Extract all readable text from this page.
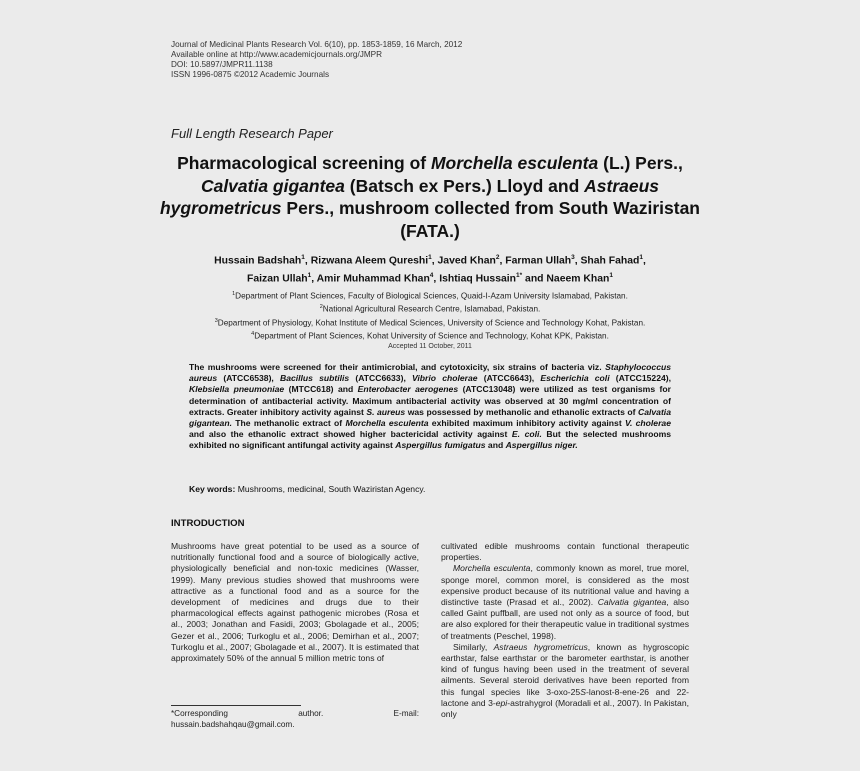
Journal of Medicinal Plants Research Vol. 6(10), pp. 1853-1859, 16 March, 2012
Available online at http://www.academicjournals.org/JMPR
DOI: 10.5897/JMPR11.1138
ISSN 1996-0875 ©2012 Academic Journals
Full Length Research Paper
Pharmacological screening of Morchella esculenta (L.) Pers., Calvatia gigantea (Batsch ex Pers.) Lloyd and Astraeus hygrometricus Pers., mushroom collected from South Waziristan (FATA.)
Hussain Badshah$^1$, Rizwana Aleem Qureshi$^1$, Javed Khan$^2$, Farman Ullah$^3$, Shah Fahad$^1$,
Faizan Ullah$^1$, Amir Muhammad Khan$^4$, Ishtiaq Hussain$^{1*}$ and Naeem Khan$^1$
$^1$Department of Plant Sciences, Faculty of Biological Sciences, Quaid-I-Azam University Islamabad, Pakistan.
$^2$National Agricultural Research Centre, Islamabad, Pakistan.
$^3$Department of Physiology, Kohat Institute of Medical Sciences, University of Science and Technology Kohat, Pakistan.
$^4$Department of Plant Sciences, Kohat University of Science and Technology, Kohat KPK, Pakistan.
Accepted 11 October, 2011
The mushrooms were screened for their antimicrobial, and cytotoxicity, six strains of bacteria viz. Staphylococcus aureus (ATCC6538), Bacillus subtilis (ATCC6633), Vibrio cholerae (ATCC6643), Escherichia coli (ATCC15224), Klebsiella pneumoniae (MTCC618) and Enterobacter aerogenes (ATCC13048) were utilized as test organisms for determination of antibacterial activity. Maximum antibacterial activity was observed at 30 mg/ml concentration of extracts. Greater inhibitory activity against S. aureus was possessed by methanolic and ethanolic extracts of Calvatia gigantean. The methanolic extract of Morchella esculenta exhibited maximum inhibitory activity against V. cholerae and also the ethanolic extract showed higher bactericidal activity against E. coli. But the selected mushrooms exhibited no significant antifungal activity against Aspergillus fumigatus and Aspergillus niger.
Key words: Mushrooms, medicinal, South Waziristan Agency.
INTRODUCTION

Mushrooms have great potential to be used as a source of nutritionally functional food and a source of biologically active, physiologically beneficial and non-toxic medicines (Wasser, 1999). Many previous studies showed that mushrooms were attractive as a functional food and as a source for the development of medicines and drugs due to their pharmacological effects against pathogenic microbes (Rosa et al., 2003; Jonathan and Fasidi, 2003; Gbolagade et al., 2005; Gezer et al., 2006; Turkoglu et al., 2006; Demirhan et al., 2007; Turkoglu et al., 2007; Gbolagade et al., 2007). It is estimated that approximately 50% of the annual 5 million metric tons of

cultivated edible mushrooms contain functional therapeutic properties.

Morchella esculenta, commonly known as morel, true morel, sponge morel, common morel, is considered as the most expensive product because of its nutritional value and having a distinctive taste (Prasad et al., 2002). Calvatia gigantea, also called Gaint puffball, are used not only as a source of food, but are also explored for their therapeutic value in traditional systmes of treatments (Peschel, 1998).

Similarly, Astraeus hygrometricus, known as hygroscopic earthstar, false earthstar or the barometer earthstar, is another kind of fungus having been used in the treatment of several ailments. Several steroid derivatives have been reported from this fungal species like 3-oxo-25S-lanost-8-ene-26 and 22-lactone and 3-epi-astrahygrol (Moradali et al., 2007). In Pakistan, only

*Corresponding	author.	E-mail:
hussain.badshahqau@gmail.com.
